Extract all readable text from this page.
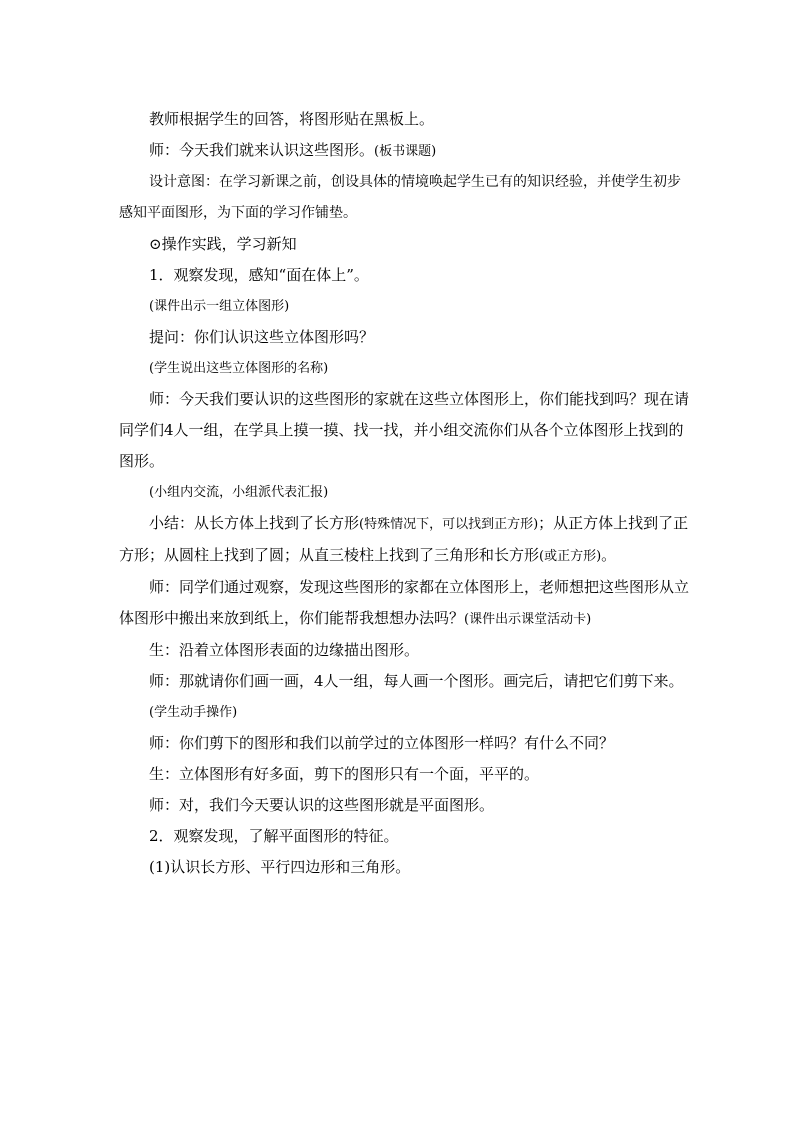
教师根据学生的回答，将图形贴在黑板上。

师：今天我们就来认识这些图形。(板书课题)

设计意图：在学习新课之前，创设具体的情境唤起学生已有的知识经验，并使学生初步感知平面图形，为下面的学习作铺垫。

⊙操作实践，学习新知

1．观察发现，感知“面在体上”。

(课件出示一组立体图形)

提问：你们认识这些立体图形吗？

(学生说出这些立体图形的名称)

师：今天我们要认识的这些图形的家就在这些立体图形上，你们能找到吗？现在请同学们4人一组，在学具上摸一摸、找一找，并小组交流你们从各个立体图形上找到的图形。

(小组内交流，小组派代表汇报)

小结：从长方体上找到了长方形(特殊情况下，可以找到正方形)；从正方体上找到了正方形；从圆柱上找到了圆；从直三棱柱上找到了三角形和长方形(或正方形)。

师：同学们通过观察，发现这些图形的家都在立体图形上，老师想把这些图形从立体图形中搬出来放到纸上，你们能帮我想想办法吗？(课件出示课堂活动卡)

生：沿着立体图形表面的边缘描出图形。

师：那就请你们画一画，4人一组，每人画一个图形。画完后，请把它们剪下来。

(学生动手操作)

师：你们剪下的图形和我们以前学过的立体图形一样吗？有什么不同？

生：立体图形有好多面，剪下的图形只有一个面，平平的。

师：对，我们今天要认识的这些图形就是平面图形。

2．观察发现，了解平面图形的特征。

(1)认识长方形、平行四边形和三角形。
